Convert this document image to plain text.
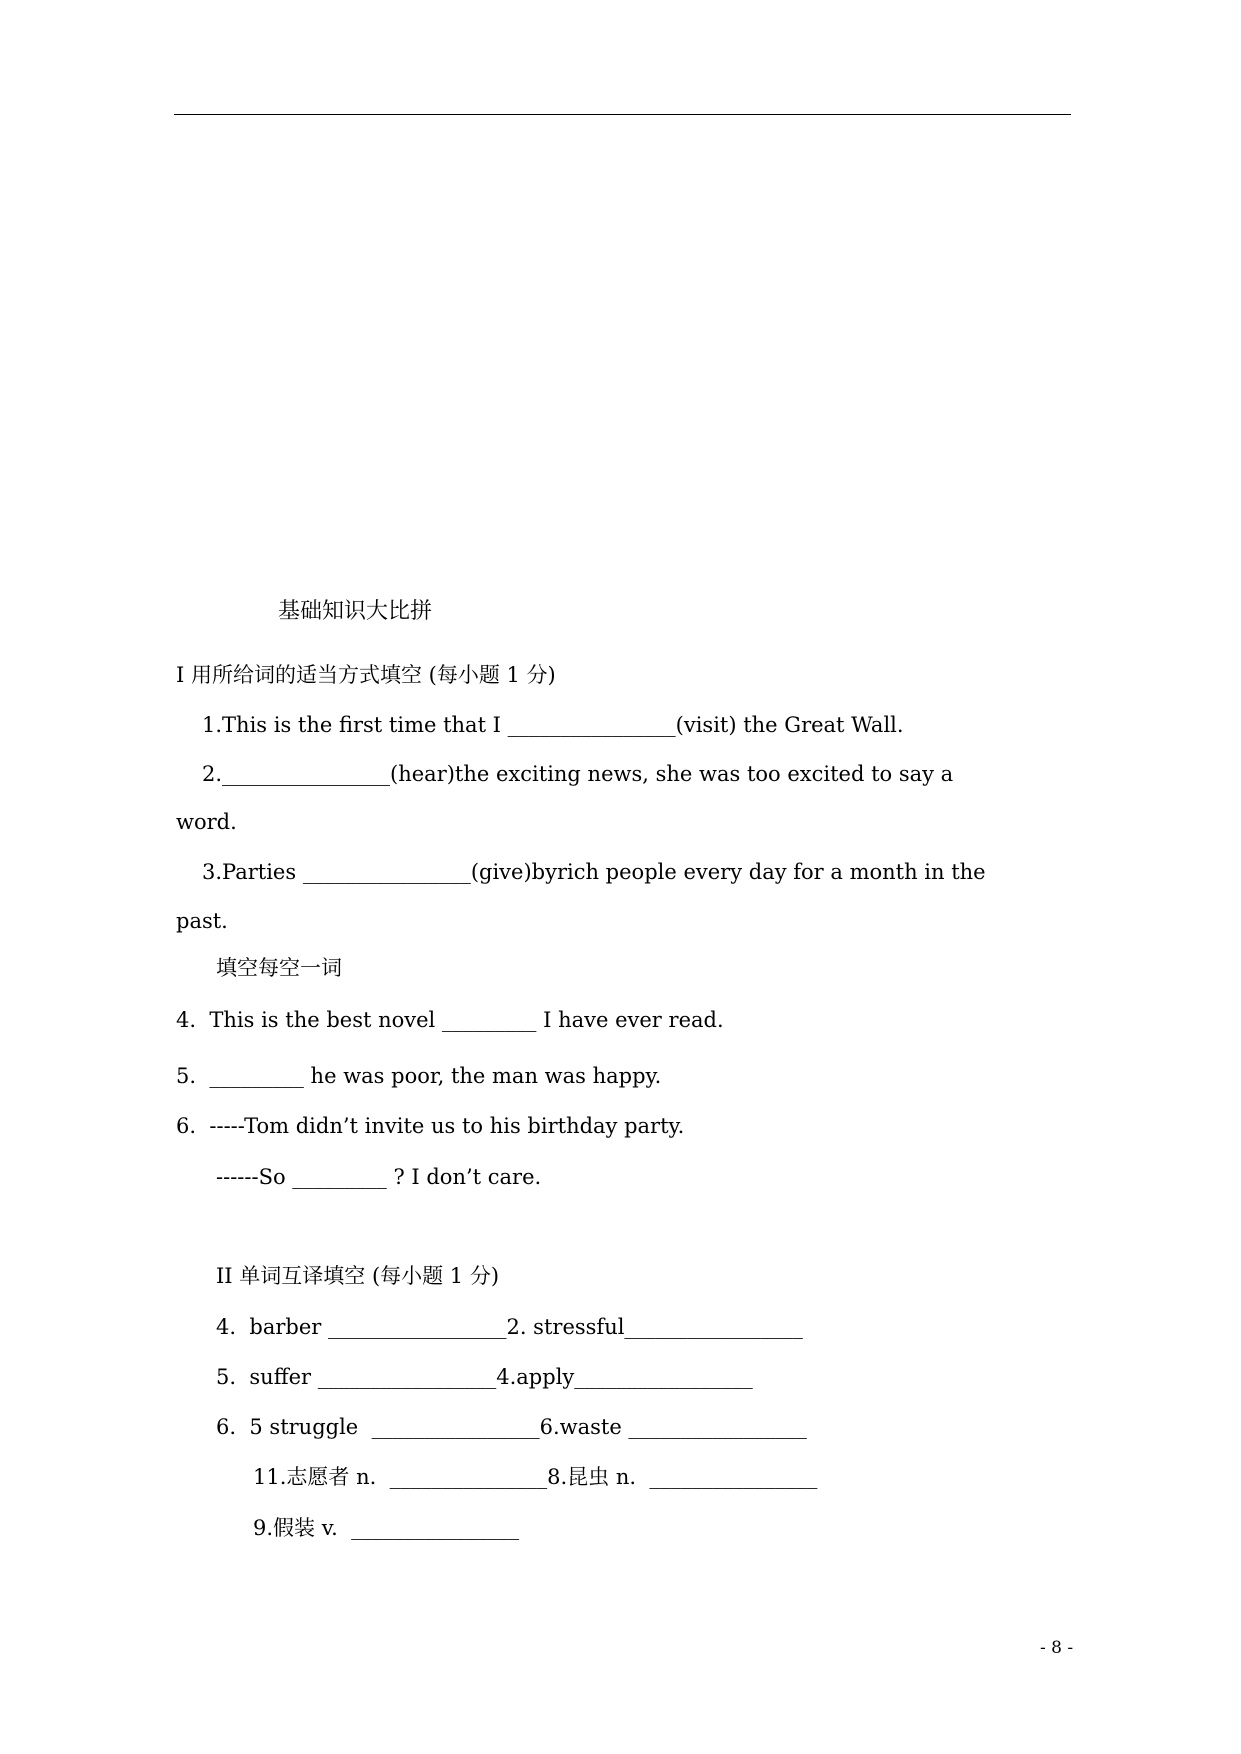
基础知识大比拼
I 用所给词的适当方式填空 (每小题 1 分)
1.This is the first time that I ________________(visit) the Great Wall.
2.________________(hear)the exciting news, she was too excited to say a
word.
3.Parties ________________(give)byrich people every day for a month in the
past.
填空每空一词
4.  This is the best novel _________ I have ever read.
5.  _________ he was poor, the man was happy.
6.  -----Tom didn’t invite us to his birthday party.
------So _________ ? I don’t care.
II 单词互译填空 (每小题 1 分)
4.  barber _________________2. stressful_________________
5.  suffer _________________4.apply_________________
6.  5 struggle  ________________6.waste _________________
11.志愿者 n.  _______________8.昆虫 n.  ________________
9.假装 v.  ________________
- 8 -
